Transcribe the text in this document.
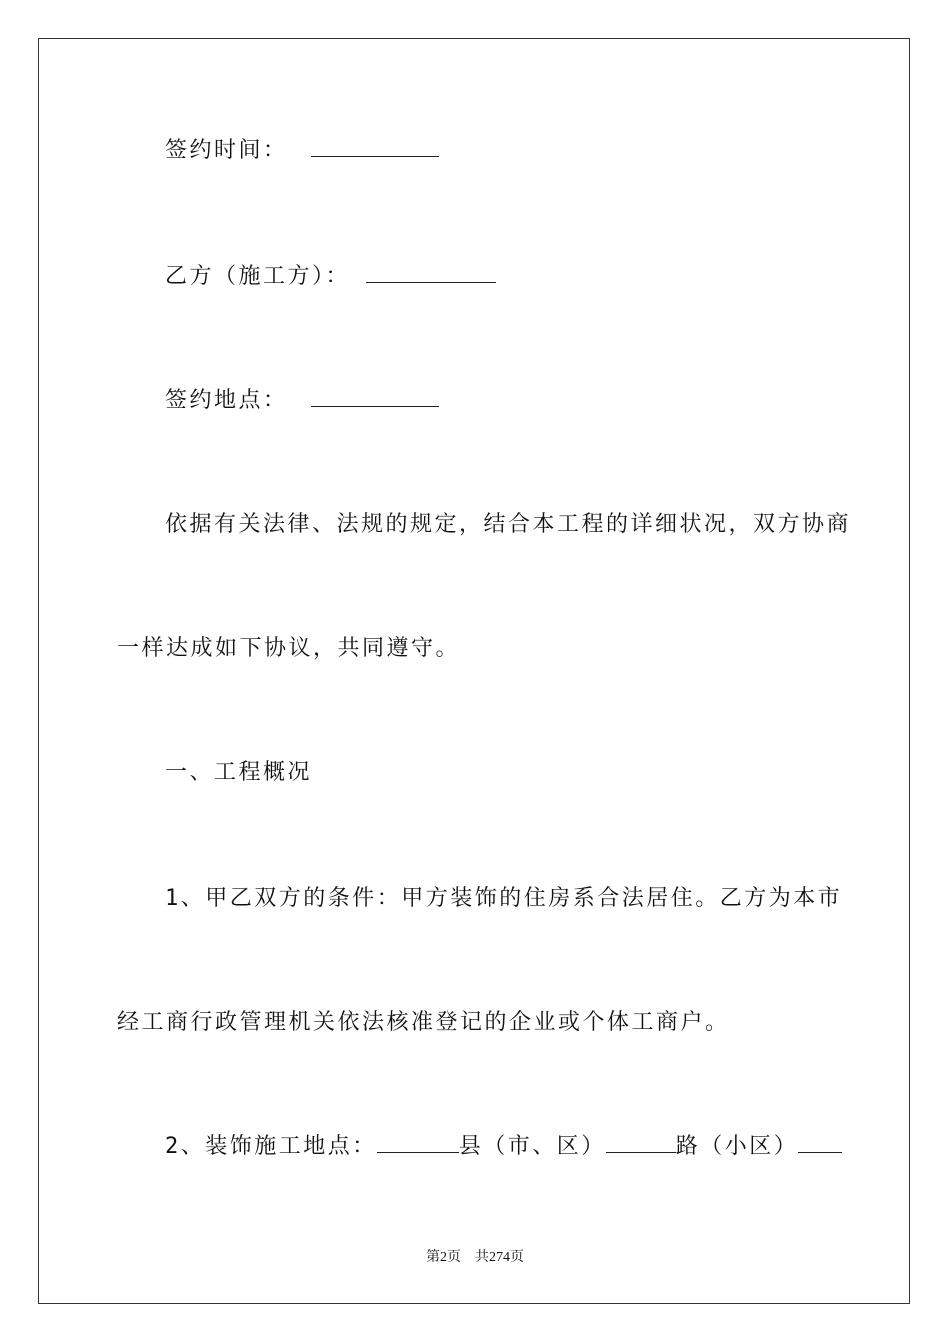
签约时间：
乙方（施工方）：
签约地点：
依据有关法律、法规的规定，结合本工程的详细状况，双方协商
一样达成如下协议，共同遵守。
一、工程概况
1、甲乙双方的条件：甲方装饰的住房系合法居住。乙方为本市
经工商行政管理机关依法核准登记的企业或个体工商户。
2、装饰施工地点：	县（市、区）	路（小区）
第2页 共274页
